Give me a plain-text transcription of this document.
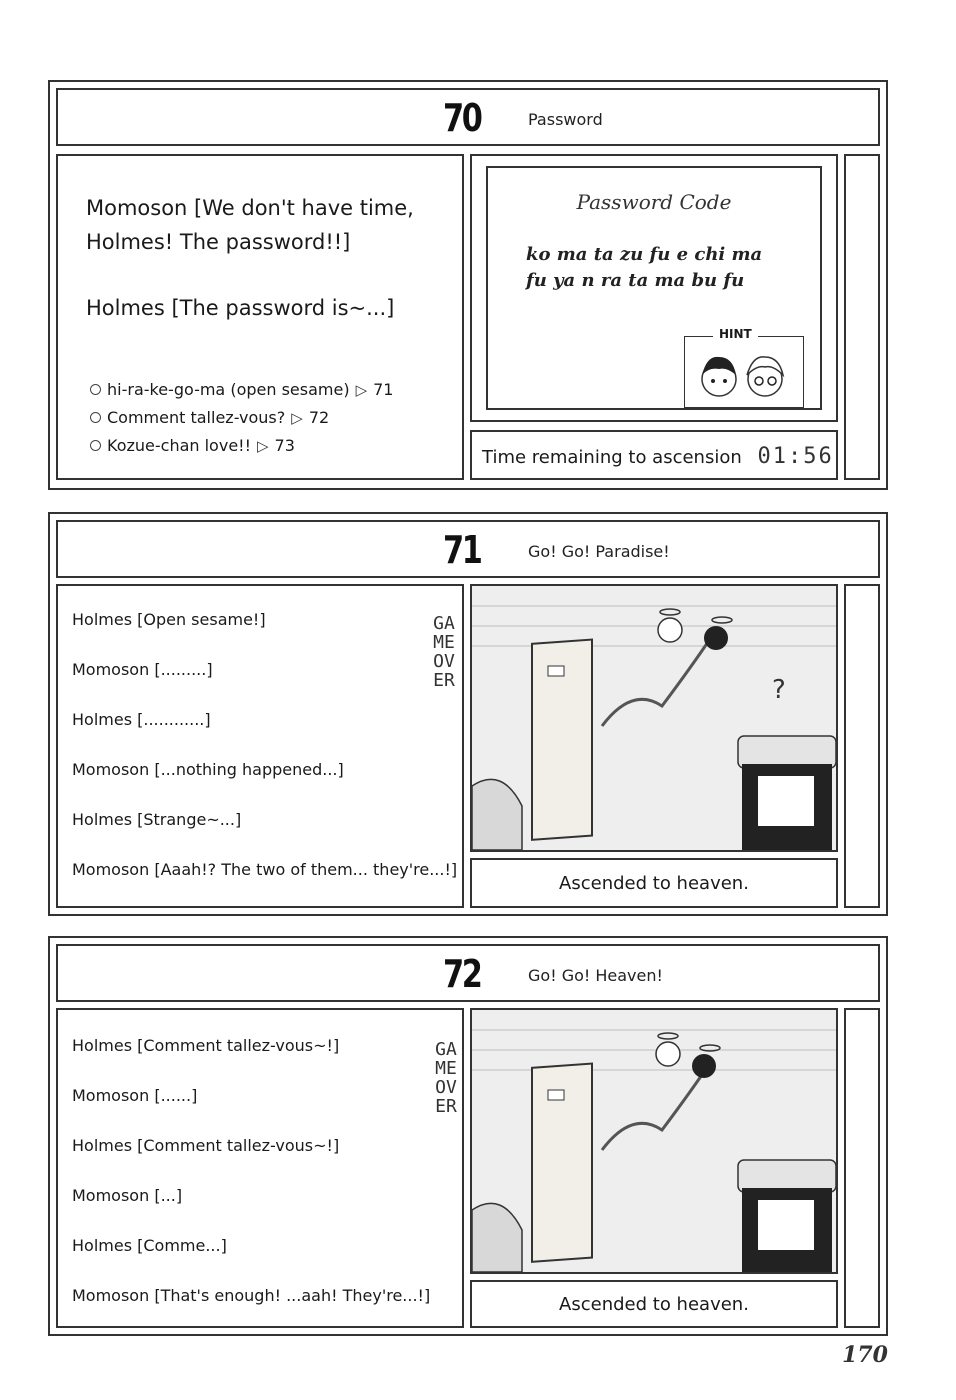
70	Password
Momoson [We don't have time,
Holmes! The password!!]
Holmes [The password is~...]
hi-ra-ke-go-ma (open sesame) ▷ 71
Comment tallez-vous? ▷ 72
Kozue-chan love!! ▷ 73
Password Code
ko ma ta zu fu e chi ma
fu ya n ra ta ma bu fu
HINT
Time remaining to ascension 01:56
71	Go! Go! Paradise!
Holmes [Open sesame!]
Momoson [.........]
Holmes [............]
Momoson [...nothing happened...]
Holmes [Strange~...]
Momoson [Aaah!? The two of them... they're...!]
GAME OVER	?
Ascended to heaven.
72	Go! Go! Heaven!
Holmes [Comment tallez-vous~!]
Momoson [......]
Holmes [Comment tallez-vous~!]
Momoson [...]
Holmes [Comme...]
Momoson [That's enough! ...aah! They're...!]
GAME OVER
Ascended to heaven.
170
